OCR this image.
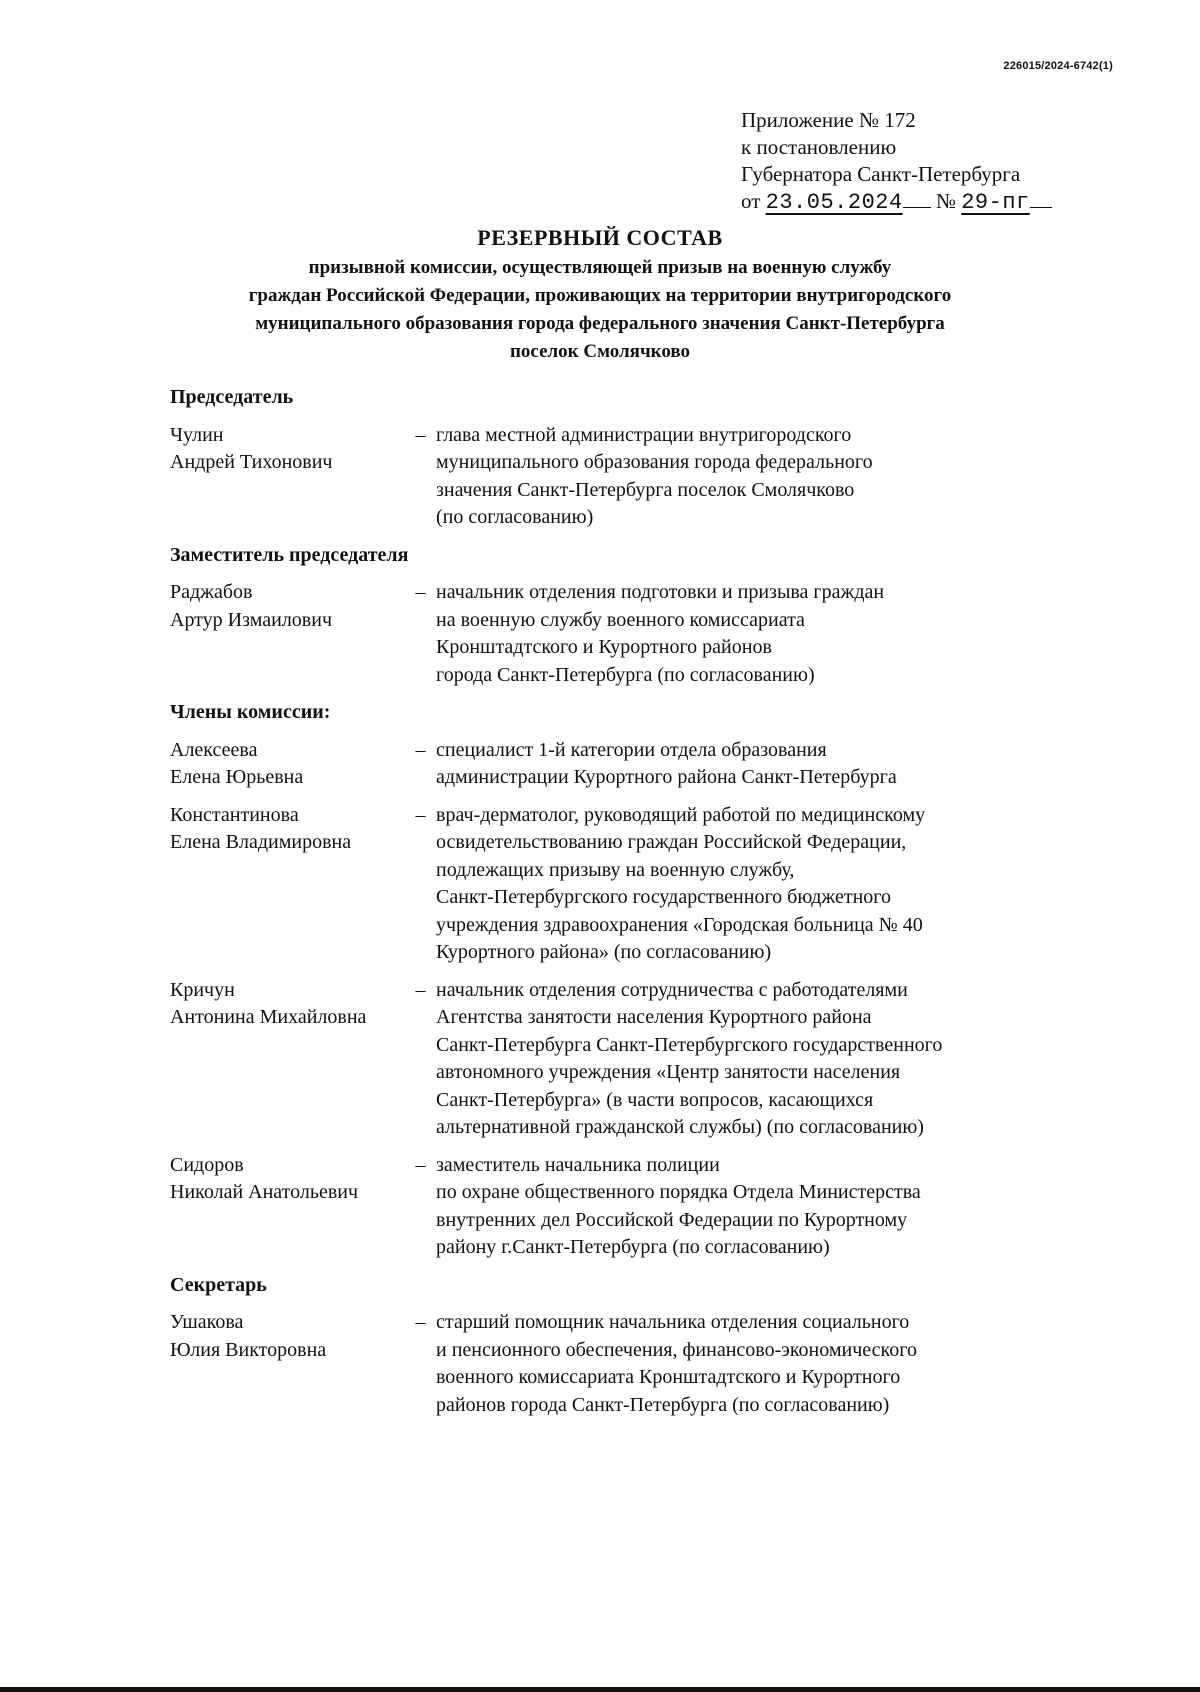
226015/2024-6742(1)
Приложение № 172
к постановлению
Губернатора Санкт-Петербурга
от 23.05.2024 № 29-пг
РЕЗЕРВНЫЙ СОСТАВ
призывной комиссии, осуществляющей призыв на военную службу
граждан Российской Федерации, проживающих на территории внутригородского
муниципального образования города федерального значения Санкт-Петербурга
поселок Смолячково
Председатель
Чулин
Андрей Тихонович
– глава местной администрации внутригородского
муниципального образования города федерального
значения Санкт-Петербурга поселок Смолячково
(по согласованию)
Заместитель председателя
Раджабов
Артур Измаилович
– начальник отделения подготовки и призыва граждан
на военную службу военного комиссариата
Кронштадтского и Курортного районов
города Санкт-Петербурга (по согласованию)
Члены комиссии:
Алексеева
Елена Юрьевна
– специалист 1-й категории отдела образования
администрации Курортного района Санкт-Петербурга
Константинова
Елена Владимировна
– врач-дерматолог, руководящий работой по медицинскому
освидетельствованию граждан Российской Федерации,
подлежащих призыву на военную службу,
Санкт-Петербургского государственного бюджетного
учреждения здравоохранения «Городская больница № 40
Курортного района» (по согласованию)
Кричун
Антонина Михайловна
– начальник отделения сотрудничества с работодателями
Агентства занятости населения Курортного района
Санкт-Петербурга Санкт-Петербургского государственного
автономного учреждения «Центр занятости населения
Санкт-Петербурга» (в части вопросов, касающихся
альтернативной гражданской службы) (по согласованию)
Сидоров
Николай Анатольевич
– заместитель начальника полиции
по охране общественного порядка Отдела Министерства
внутренних дел Российской Федерации по Курортному
району г.Санкт-Петербурга (по согласованию)
Секретарь
Ушакова
Юлия Викторовна
– старший помощник начальника отделения социального
и пенсионного обеспечения, финансово-экономического
военного комиссариата Кронштадтского и Курортного
районов города Санкт-Петербурга (по согласованию)
